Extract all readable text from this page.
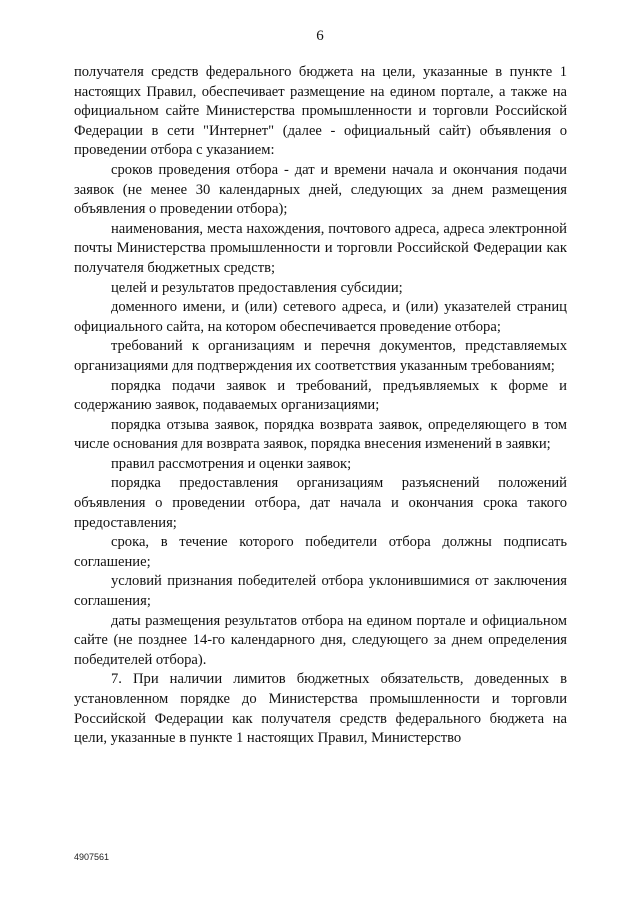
6

получателя средств федерального бюджета на цели, указанные в пункте 1 настоящих Правил, обеспечивает размещение на едином портале, а также на официальном сайте Министерства промышленности и торговли Российской Федерации в сети "Интернет" (далее - официальный сайт) объявления о проведении отбора с указанием:

сроков проведения отбора - дат и времени начала и окончания подачи заявок (не менее 30 календарных дней, следующих за днем размещения объявления о проведении отбора);

наименования, места нахождения, почтового адреса, адреса электронной почты Министерства промышленности и торговли Российской Федерации как получателя бюджетных средств;

целей и результатов предоставления субсидии;

доменного имени, и (или) сетевого адреса, и (или) указателей страниц официального сайта, на котором обеспечивается проведение отбора;

требований к организациям и перечня документов, представляемых организациями для подтверждения их соответствия указанным требованиям;

порядка подачи заявок и требований, предъявляемых к форме и содержанию заявок, подаваемых организациями;

порядка отзыва заявок, порядка возврата заявок, определяющего в том числе основания для возврата заявок, порядка внесения изменений в заявки;

правил рассмотрения и оценки заявок;

порядка предоставления организациям разъяснений положений объявления о проведении отбора, дат начала и окончания срока такого предоставления;

срока, в течение которого победители отбора должны подписать соглашение;

условий признания победителей отбора уклонившимися от заключения соглашения;

даты размещения результатов отбора на едином портале и официальном сайте (не позднее 14-го календарного дня, следующего за днем определения победителей отбора).

7. При наличии лимитов бюджетных обязательств, доведенных в установленном порядке до Министерства промышленности и торговли Российской Федерации как получателя средств федерального бюджета на цели, указанные в пункте 1 настоящих Правил, Министерство

4907561
